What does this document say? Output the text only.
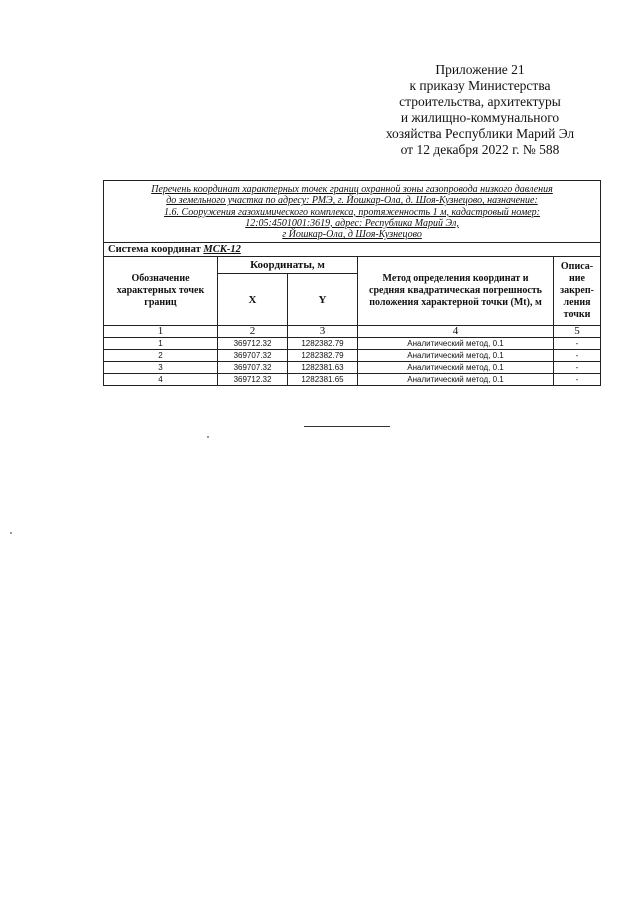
Приложение 21
к приказу Министерства
строительства, архитектуры
и жилищно-коммунального
хозяйства Республики Марий Эл
от 12 декабря 2022 г. № 588
Перечень координат характерных точек границ охранной зоны газопровода низкого давления
до земельного участка по адресу: РМЭ, г. Йошкар-Ола, д. Шоя-Кузнецово, назначение:
1.6. Сооружения газохимического комплекса, протяженность 1 м, кадастровый номер:
12:05:4501001:3619, адрес: Республика Марий Эл,
г Йошкар-Ола, д Шоя-Кузнецово				

Система координат МСК-12				
Обозначение характерных точек границ	Координаты, м		Метод определения координат и средняя квадратическая погрешность положения характерной точки (Mt), м	Описа-ние закреп-ления точки
	X	Y		
1	2	3	4	5
1	369712.32	1282382.79	Аналитический метод, 0.1	-
2	369707.32	1282382.79	Аналитический метод, 0.1	-
3	369707.32	1282381.63	Аналитический метод, 0.1	-
4	369712.32	1282381.65	Аналитический метод, 0.1	-
